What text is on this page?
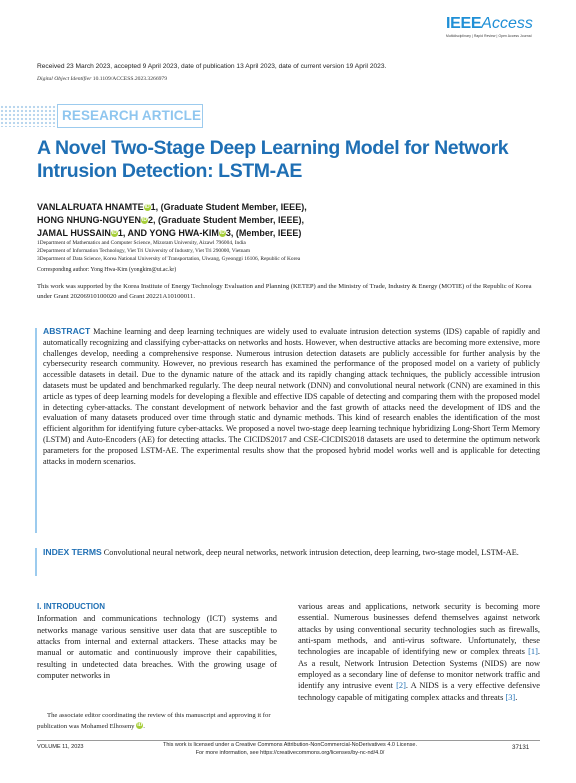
IEEEAccess
Multidisciplinary | Rapid Review | Open Access Journal
Received 23 March 2023, accepted 9 April 2023, date of publication 13 April 2023, date of current version 19 April 2023.
Digital Object Identifier 10.1109/ACCESS.2023.3266979
RESEARCH ARTICLE
A Novel Two-Stage Deep Learning Model for Network Intrusion Detection: LSTM-AE
VANLALRUATA HNAMTEiD1, (Graduate Student Member, IEEE),
HONG NHUNG-NGUYENiD2, (Graduate Student Member, IEEE),
JAMAL HUSSAINiD1, AND YONG HWA-KIMiD3, (Member, IEEE)
1Department of Mathematics and Computer Science, Mizoram University, Aizawl 796004, India
2Department of Information Technology, Viet Tri University of Industry, Viet Tri 290000, Vietnam
3Department of Data Science, Korea National University of Transportation, Uiwang, Gyeonggi 16106, Republic of Korea
Corresponding author: Yong Hwa-Kim (yongkim@ut.ac.kr)
This work was supported by the Korea Institute of Energy Technology Evaluation and Planning (KETEP) and the Ministry of Trade, Industry & Energy (MOTIE) of the Republic of Korea under Grant 20206910100020 and Grant 20221A10100011.
ABSTRACT Machine learning and deep learning techniques are widely used to evaluate intrusion detection systems (IDS) capable of rapidly and automatically recognizing and classifying cyber-attacks on networks and hosts. However, when destructive attacks are becoming more extensive, more challenges develop, needing a comprehensive response. Numerous intrusion detection datasets are publicly accessible for further analysis by the cybersecurity research community. However, no previous research has examined the performance of the proposed model on a variety of publicly accessible datasets in detail. Due to the dynamic nature of the attack and its rapidly changing attack techniques, the publicly accessible intrusion datasets must be updated and benchmarked regularly. The deep neural network (DNN) and convolutional neural network (CNN) are examined in this article as types of deep learning models for developing a flexible and effective IDS capable of detecting and comparing them with the proposed model in detecting cyber-attacks. The constant development of network behavior and the fast growth of attacks need the development of IDS and the evaluation of many datasets produced over time through static and dynamic methods. This kind of research enables the identification of the most efficient algorithm for identifying future cyber-attacks. We proposed a novel two-stage deep learning technique hybridizing Long-Short Term Memory (LSTM) and Auto-Encoders (AE) for detecting attacks. The CICIDS2017 and CSE-CICDIS2018 datasets are used to determine the optimum network parameters for the proposed LSTM-AE. The experimental results show that the proposed hybrid model works well and is applicable for detecting attacks in modern scenarios.
INDEX TERMS Convolutional neural network, deep neural networks, network intrusion detection, deep learning, two-stage model, LSTM-AE.
I. INTRODUCTION
Information and communications technology (ICT) systems and networks manage various sensitive user data that are susceptible to attacks from internal and external attackers. These attacks may be manual or automatic and continuously improve their capabilities, resulting in undetected data breaches. With the growing usage of computer networks in
various areas and applications, network security is becoming more essential. Numerous businesses defend themselves against network attacks by using conventional security technologies such as firewalls, anti-spam methods, and anti-virus software. Unfortunately, these technologies are incapable of identifying new or complex threats [1]. As a result, Network Intrusion Detection Systems (NIDS) are now employed as a secondary line of defense to monitor network traffic and identify any intrusive event [2]. A NIDS is a very effective defensive technology capable of mitigating complex attacks and threats [3].
The associate editor coordinating the review of this manuscript and approving it for publication was Mohamed Elhoseny iD.
VOLUME 11, 2023	This work is licensed under a Creative Commons Attribution-NonCommercial-NoDerivatives 4.0 License.
For more information, see https://creativecommons.org/licenses/by-nc-nd/4.0/
37131
